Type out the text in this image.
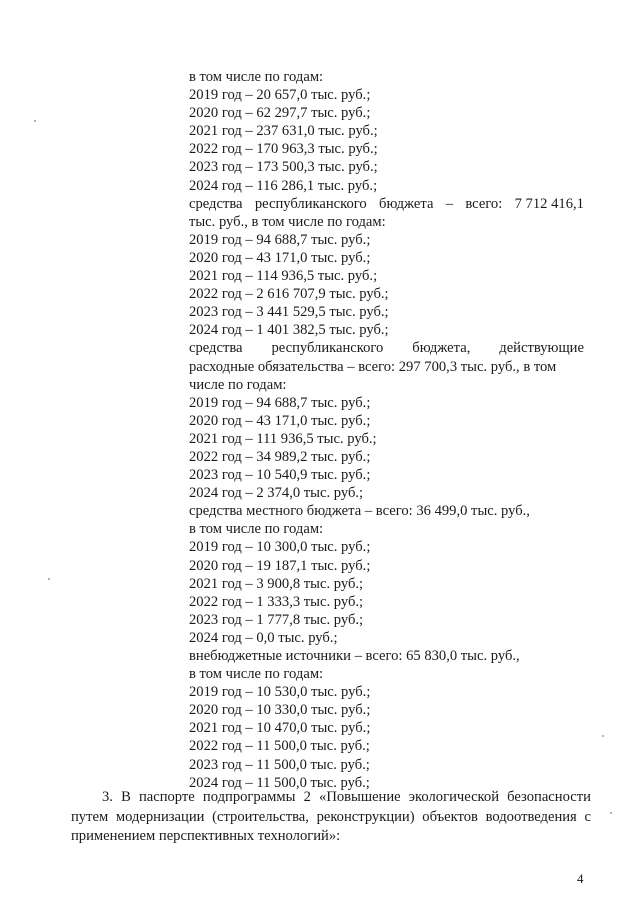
в том числе по годам:
2019 год – 20 657,0 тыс. руб.;
2020 год – 62 297,7 тыс. руб.;
2021 год – 237 631,0 тыс. руб.;
2022 год – 170 963,3 тыс. руб.;
2023 год – 173 500,3 тыс. руб.;
2024 год – 116 286,1 тыс. руб.;
средства республиканского бюджета – всего: 7 712 416,1
тыс. руб., в том числе по годам:
2019 год – 94 688,7 тыс. руб.;
2020 год – 43 171,0 тыс. руб.;
2021 год – 114 936,5 тыс. руб.;
2022 год – 2 616 707,9 тыс. руб.;
2023 год – 3 441 529,5 тыс. руб.;
2024 год – 1 401 382,5 тыс. руб.;
средства республиканского бюджета, действующие
расходные обязательства – всего: 297 700,3 тыс. руб., в том
числе по годам:
2019 год – 94 688,7 тыс. руб.;
2020 год – 43 171,0 тыс. руб.;
2021 год – 111 936,5 тыс. руб.;
2022 год – 34 989,2 тыс. руб.;
2023 год – 10 540,9 тыс. руб.;
2024 год – 2 374,0 тыс. руб.;
средства местного бюджета – всего: 36 499,0 тыс. руб.,
в том числе по годам:
2019 год – 10 300,0 тыс. руб.;
2020 год – 19 187,1 тыс. руб.;
2021 год – 3 900,8 тыс. руб.;
2022 год – 1 333,3 тыс. руб.;
2023 год – 1 777,8 тыс. руб.;
2024 год – 0,0 тыс. руб.;
внебюджетные источники – всего: 65 830,0 тыс. руб.,
в том числе по годам:
2019 год – 10 530,0 тыс. руб.;
2020 год – 10 330,0 тыс. руб.;
2021 год – 10 470,0 тыс. руб.;
2022 год – 11 500,0 тыс. руб.;
2023 год – 11 500,0 тыс. руб.;
2024 год – 11 500,0 тыс. руб.;
3. В паспорте подпрограммы 2 «Повышение экологической безопасности
путем модернизации (строительства, реконструкции) объектов водоотведения с
применением перспективных технологий»:
4
